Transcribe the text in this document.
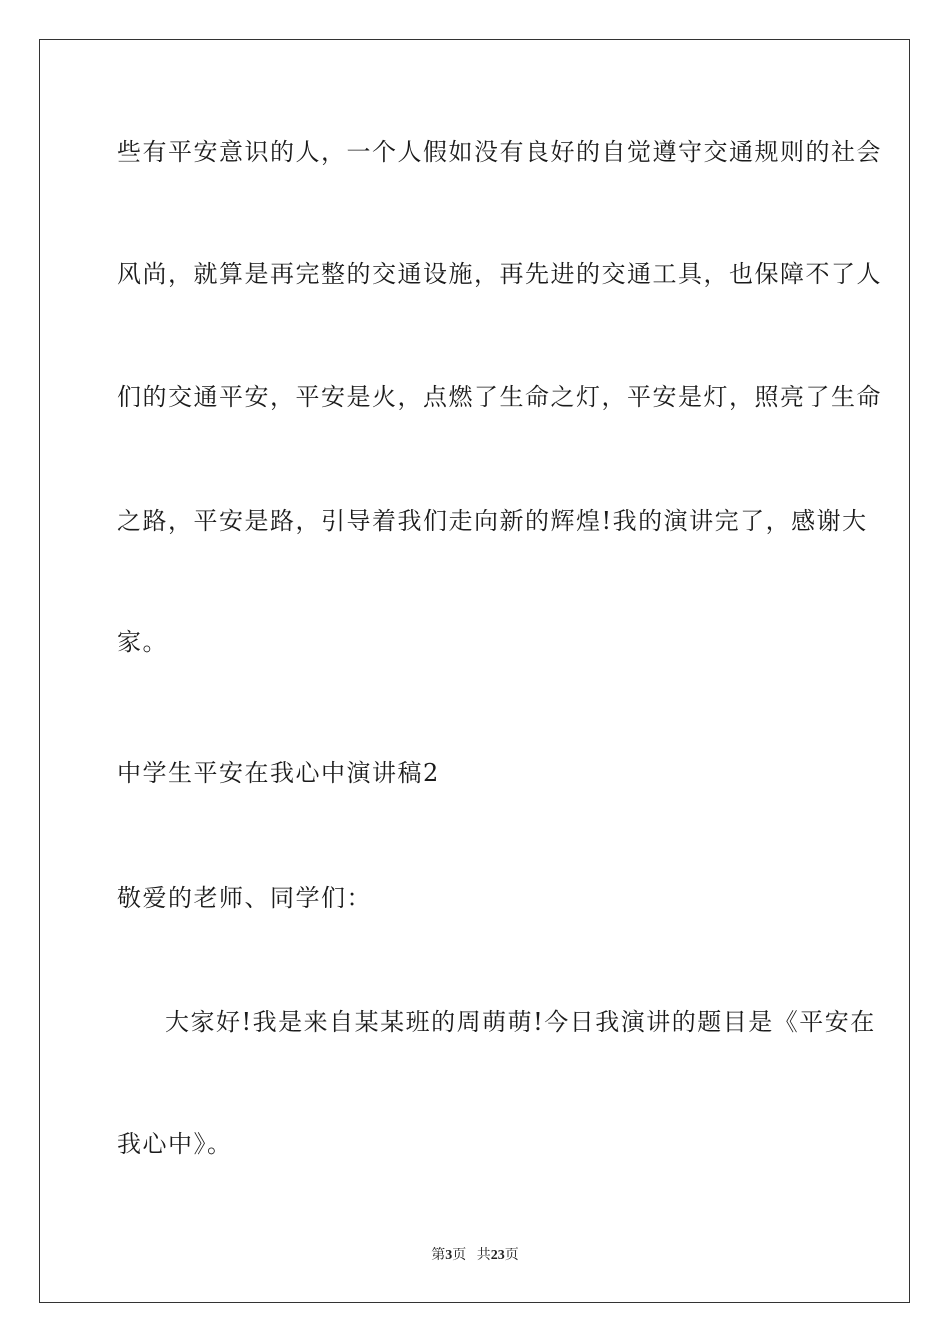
些有平安意识的人，一个人假如没有良好的自觉遵守交通规则的社会
风尚，就算是再完整的交通设施，再先进的交通工具，也保障不了人
们的交通平安，平安是火，点燃了生命之灯，平安是灯，照亮了生命
之路，平安是路，引导着我们走向新的辉煌!我的演讲完了，感谢大
家。
中学生平安在我心中演讲稿2
敬爱的老师、同学们：
大家好!我是来自某某班的周萌萌!今日我演讲的题目是《平安在
我心中》。
第3页 共23页
